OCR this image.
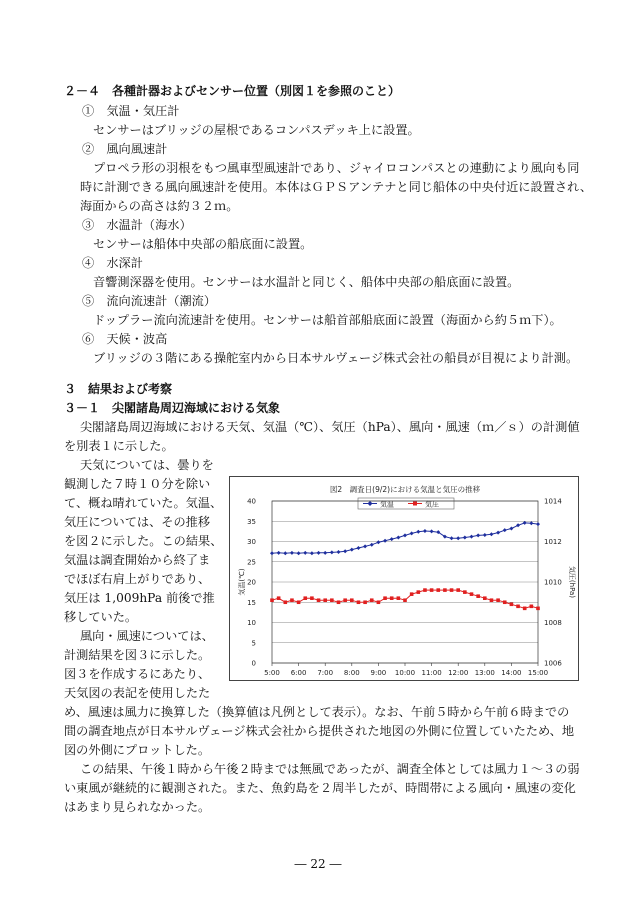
２－４　各種計器およびセンサー位置（別図１を参照のこと）
①　気温・気圧計
センサーはブリッジの屋根であるコンパスデッキ上に設置。
②　風向風速計
プロペラ形の羽根をもつ風車型風速計であり、ジャイロコンパスとの連動により風向も同
時に計測できる風向風速計を使用。本体はＧＰＳアンテナと同じ船体の中央付近に設置され、
海面からの高さは約３２ｍ。
③　水温計（海水）
センサーは船体中央部の船底面に設置。
④　水深計
音響測深器を使用。センサーは水温計と同じく、船体中央部の船底面に設置。
⑤　流向流速計（潮流）
ドップラー流向流速計を使用。センサーは船首部船底面に設置（海面から約５ｍ下）。
⑥　天候・波高
ブリッジの３階にある操舵室内から日本サルヴェージ株式会社の船員が目視により計測。
３　結果および考察
３－１　尖閣諸島周辺海域における気象
尖閣諸島周辺海域における天気、気温（℃）、気圧（hPa）、風向・風速（ｍ／ｓ）の計測値
を別表１に示した。
天気については、曇りを
観測した７時１０分を除い
て、概ね晴れていた。気温、
気圧については、その推移
を図２に示した。この結果、
気温は調査開始から終了ま
でほぼ右肩上がりであり、
気圧は 1,009hPa 前後で推
移していた。
風向・風速については、
計測結果を図３に示した。
図３を作成するにあたり、
天気図の表記を使用したた
め、風速は風力に換算した（換算値は凡例として表示）。なお、午前５時から午前６時までの
間の調査地点が日本サルヴェージ株式会社から提供された地図の外側に位置していたため、地
図の外側にプロットした。
この結果、午後１時から午後２時までは無風であったが、調査全体としては風力１～３の弱
い東風が継続的に観測された。また、魚釣島を２周半したが、時間帯による風向・風速の変化
はあまり見られなかった。
図2　調査日(9/2)における気温と気圧の推移
気温	気圧
0
5
10
15
20
25
30
35
40
1006
1008
1010
1012
1014
5:00 6:00 7:00 8:00 9:00 10:00 11:00 12:00 13:00 14:00 15:00
気温(℃)	気圧(hPa)
― 22 ―
